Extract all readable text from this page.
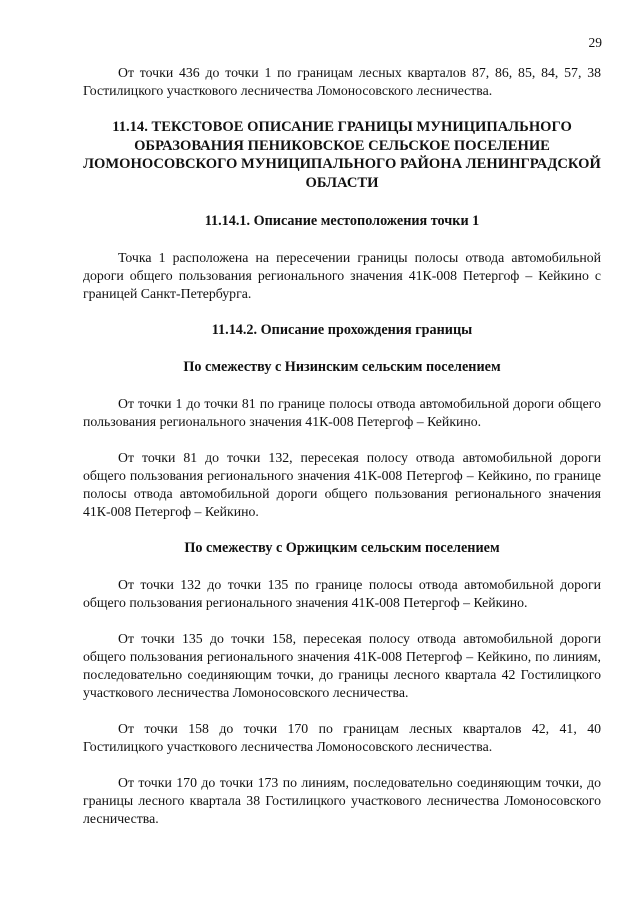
29

От точки 436 до точки 1 по границам лесных кварталов 87, 86, 85, 84, 57, 38 Гостилицкого участкового лесничества Ломоносовского лесничества.

11.14. ТЕКСТОВОЕ ОПИСАНИЕ ГРАНИЦЫ МУНИЦИПАЛЬНОГО ОБРАЗОВАНИЯ ПЕНИКОВСКОЕ СЕЛЬСКОЕ ПОСЕЛЕНИЕ ЛОМОНОСОВСКОГО МУНИЦИПАЛЬНОГО РАЙОНА ЛЕНИНГРАДСКОЙ ОБЛАСТИ

11.14.1. Описание местоположения точки 1

Точка 1 расположена на пересечении границы полосы отвода автомобильной дороги общего пользования регионального значения 41К-008 Петергоф – Кейкино с границей Санкт-Петербурга.

11.14.2. Описание прохождения границы

По смежеству с Низинским сельским поселением

От точки 1 до точки 81 по границе полосы отвода автомобильной дороги общего пользования регионального значения 41К-008 Петергоф – Кейкино.

От точки 81 до точки 132, пересекая полосу отвода автомобильной дороги общего пользования регионального значения 41К-008 Петергоф – Кейкино, по границе полосы отвода автомобильной дороги общего пользования регионального значения 41К-008 Петергоф – Кейкино.

По смежеству с Оржицким сельским поселением

От точки 132 до точки 135 по границе полосы отвода автомобильной дороги общего пользования регионального значения 41К-008 Петергоф – Кейкино.

От точки 135 до точки 158, пересекая полосу отвода автомобильной дороги общего пользования регионального значения 41К-008 Петергоф – Кейкино, по линиям, последовательно соединяющим точки, до границы лесного квартала 42 Гостилицкого участкового лесничества Ломоносовского лесничества.

От точки 158 до точки 170 по границам лесных кварталов 42, 41, 40 Гостилицкого участкового лесничества Ломоносовского лесничества.

От точки 170 до точки 173 по линиям, последовательно соединяющим точки, до границы лесного квартала 38 Гостилицкого участкового лесничества Ломоносовского лесничества.
